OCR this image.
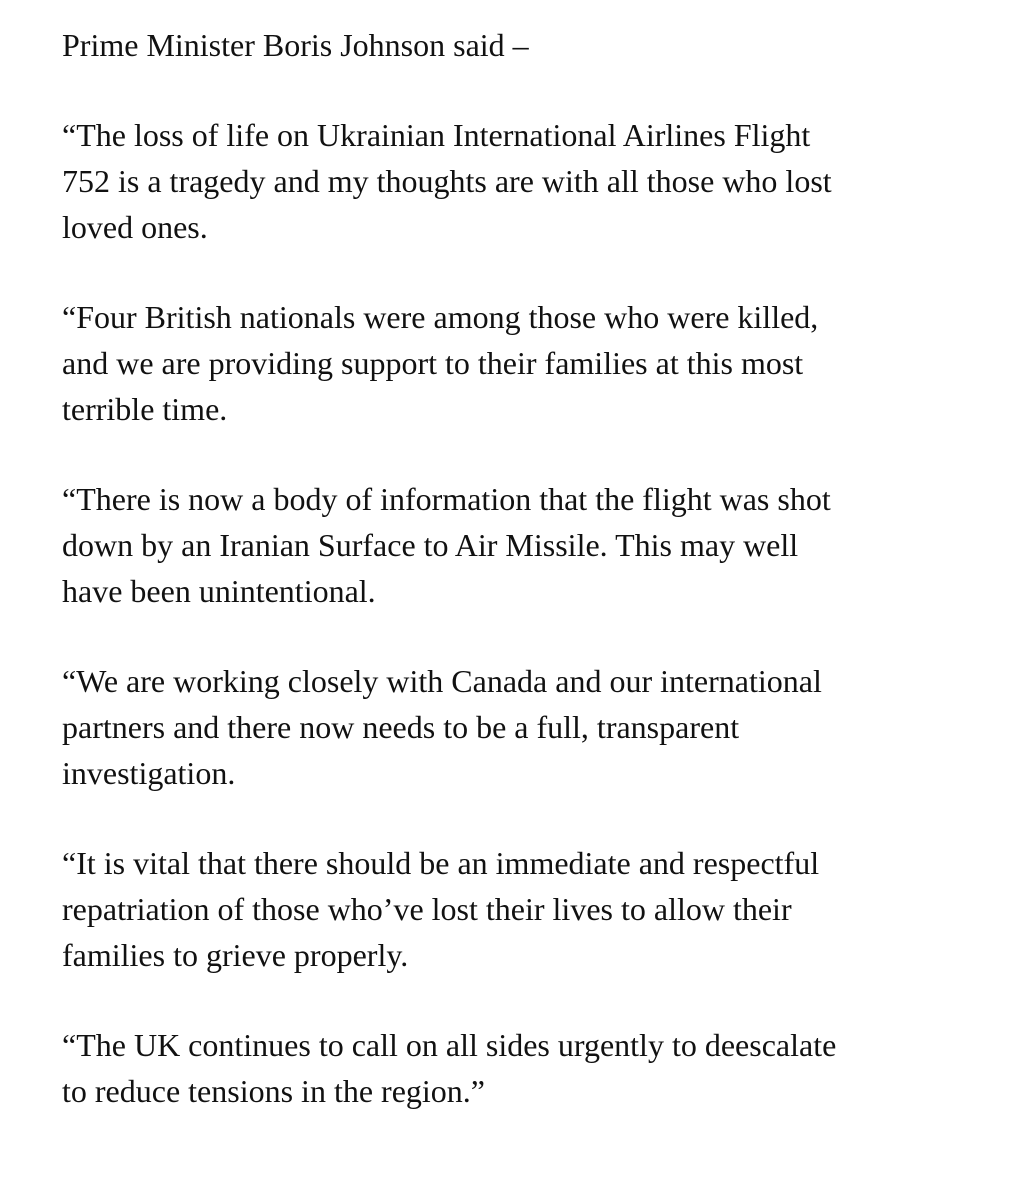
Prime Minister Boris Johnson said –

“The loss of life on Ukrainian International Airlines Flight
752 is a tragedy and my thoughts are with all those who lost
loved ones.

“Four British nationals were among those who were killed,
and we are providing support to their families at this most
terrible time.

“There is now a body of information that the flight was shot
down by an Iranian Surface to Air Missile. This may well
have been unintentional.

“We are working closely with Canada and our international
partners and there now needs to be a full, transparent
investigation.

“It is vital that there should be an immediate and respectful
repatriation of those who’ve lost their lives to allow their
families to grieve properly.

“The UK continues to call on all sides urgently to deescalate
to reduce tensions in the region.”
